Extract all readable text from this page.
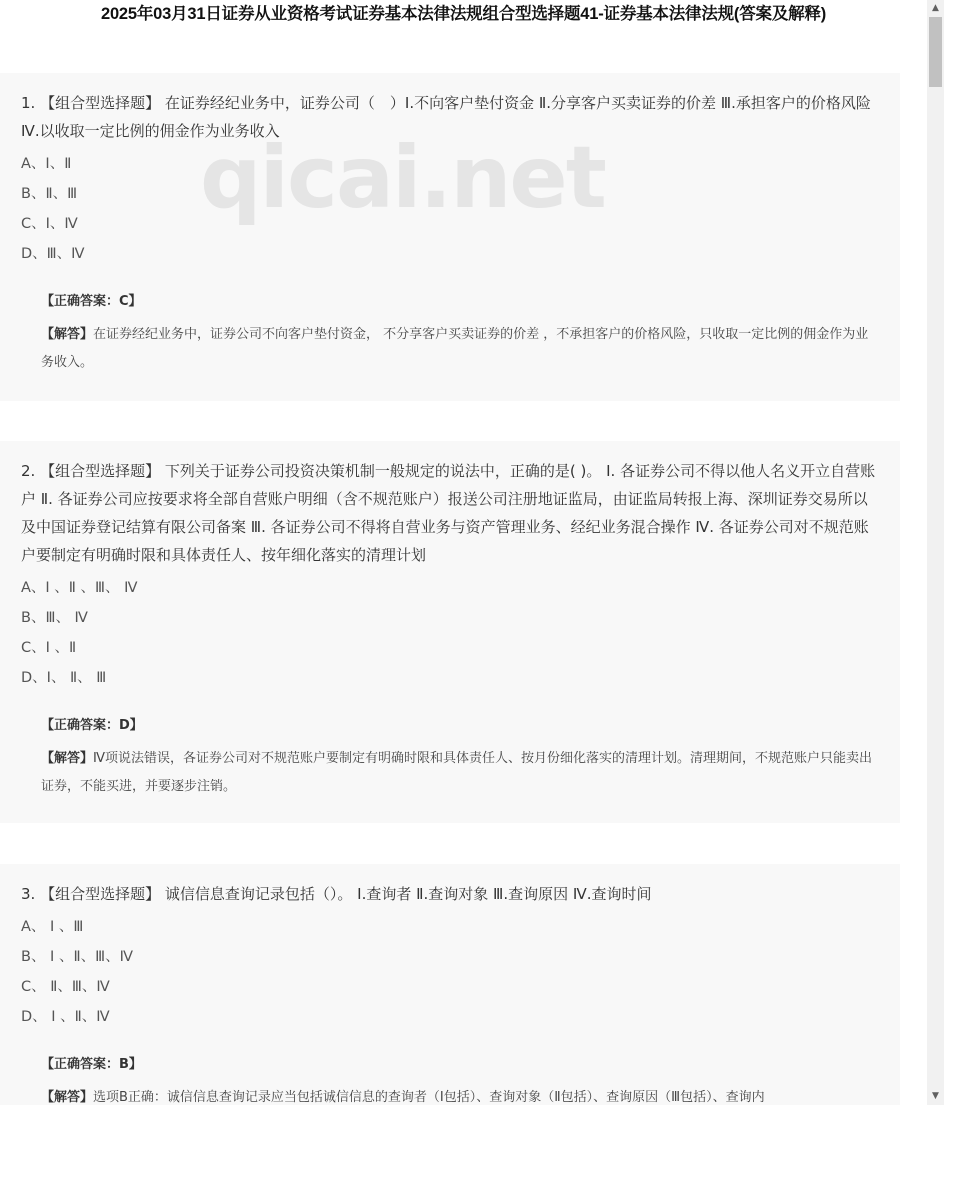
2025年03月31日证券从业资格考试证券基本法律法规组合型选择题41-证券基本法律法规(答案及解释)

1. 【组合型选择题】 在证券经纪业务中，证券公司（　）Ⅰ.不向客户垫付资金 Ⅱ.分享客户买卖证券的价差 Ⅲ.承担客户的价格风险 Ⅳ.以收取一定比例的佣金作为业务收入

A、Ⅰ、Ⅱ
B、Ⅱ、Ⅲ
C、Ⅰ、Ⅳ
D、Ⅲ、Ⅳ
【正确答案：C】
【解答】在证券经纪业务中，证券公司不向客户垫付资金， 不分享客户买卖证券的价差 ，不承担客户的价格风险，只收取一定比例的佣金作为业务收入。

2. 【组合型选择题】 下列关于证券公司投资决策机制一般规定的说法中，正确的是( )。 Ⅰ. 各证券公司不得以他人名义开立自营账户 Ⅱ. 各证券公司应按要求将全部自营账户明细（含不规范账户）报送公司注册地证监局，由证监局转报上海、深圳证券交易所以及中国证券登记结算有限公司备案 Ⅲ. 各证券公司不得将自营业务与资产管理业务、经纪业务混合操作 Ⅳ. 各证券公司对不规范账户要制定有明确时限和具体责任人、按年细化落实的清理计划

A、Ⅰ 、Ⅱ 、Ⅲ、 Ⅳ
B、Ⅲ、 Ⅳ
C、Ⅰ 、Ⅱ
D、Ⅰ、 Ⅱ、 Ⅲ
【正确答案：D】
【解答】Ⅳ项说法错误，各证券公司对不规范账户要制定有明确时限和具体责任人、按月份细化落实的清理计划。清理期间，不规范账户只能卖出证券，不能买进，并要逐步注销。

3. 【组合型选择题】 诚信信息查询记录包括（）。 Ⅰ.查询者 Ⅱ.查询对象 Ⅲ.查询原因 Ⅳ.查询时间

A、 Ⅰ 、Ⅲ
B、 Ⅰ 、Ⅱ、Ⅲ、Ⅳ
C、 Ⅱ、Ⅲ、Ⅳ
D、 Ⅰ 、Ⅱ、Ⅳ
【正确答案：B】
【解答】选项B正确：诚信信息查询记录应当包括诚信信息的查询者（Ⅰ包括）、查询对象（Ⅱ包括）、查询原因（Ⅲ包括）、查询内
qicai.net
▲
▼
